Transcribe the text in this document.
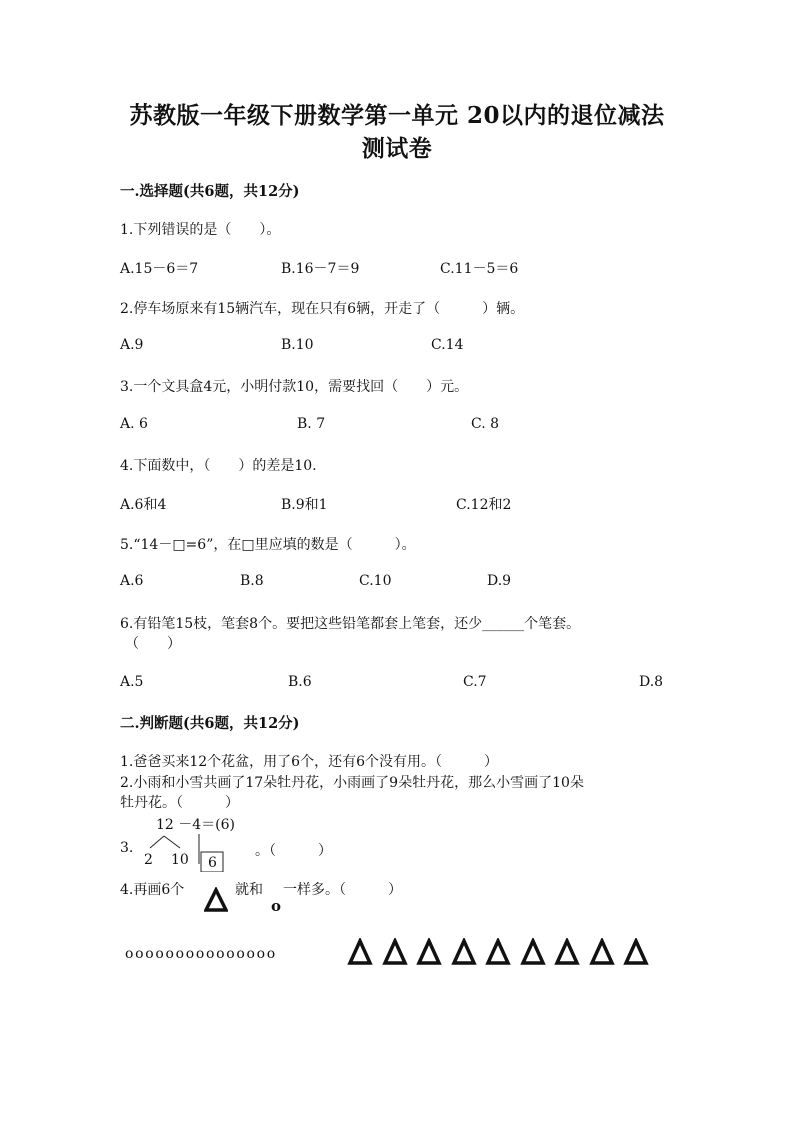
苏教版一年级下册数学第一单元 20以内的退位减法
测试卷
一.选择题(共6题，共12分)
1.下列错误的是（　　）。
A.15－6＝7	B.16－7＝9	C.11－5＝6
2.停车场原来有15辆汽车，现在只有6辆，开走了（　　　）辆。
A.9	B.10	C.14
3.一个文具盒4元，小明付款10，需要找回（　　）元。
A. 6	B. 7	C. 8
4.下面数中，（　　）的差是10.
A.6和4	B.9和1	C.12和2
5.“14－□=6”，在□里应填的数是（　　　）。
A.6	B.8	C.10	D.9
6.有铅笔15枝，笔套8个。要把这些铅笔都套上笔套，还少______个笔套。
（　　）
A.5	B.6	C.7	D.8
二.判断题(共6题，共12分)
1.爸爸买来12个花盆，用了6个，还有6个没有用。（　　　）
2.小雨和小雪共画了17朵牡丹花，小雨画了9朵牡丹花，那么小雪画了10朵
牡丹花。（　　　）
3.
12 －4＝(6)
2 10 6
。（　　　）
4.再画6个	就和
o
一样多。（　　　）
ooooooooooooooo
